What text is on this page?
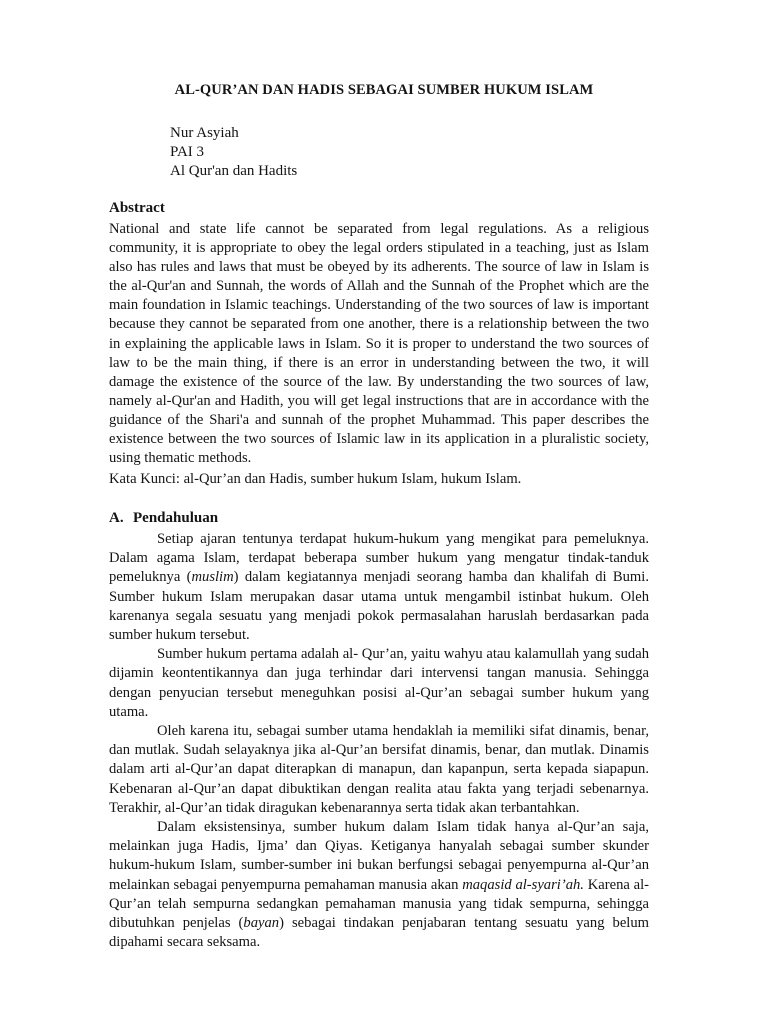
AL-QUR’AN DAN HADIS SEBAGAI SUMBER HUKUM ISLAM
Nur Asyiah
PAI 3
Al Qur'an dan Hadits
Abstract

National and state life cannot be separated from legal regulations. As a religious community, it is appropriate to obey the legal orders stipulated in a teaching, just as Islam also has rules and laws that must be obeyed by its adherents. The source of law in Islam is the al-Qur'an and Sunnah, the words of Allah and the Sunnah of the Prophet which are the main foundation in Islamic teachings. Understanding of the two sources of law is important because they cannot be separated from one another, there is a relationship between the two in explaining the applicable laws in Islam. So it is proper to understand the two sources of law to be the main thing, if there is an error in understanding between the two, it will damage the existence of the source of the law. By understanding the two sources of law, namely al-Qur'an and Hadith, you will get legal instructions that are in accordance with the guidance of the Shari'a and sunnah of the prophet Muhammad. This paper describes the existence between the two sources of Islamic law in its application in a pluralistic society, using thematic methods.

Kata Kunci: al-Qur’an dan Hadis, sumber hukum Islam, hukum Islam.
A. Pendahuluan

Setiap ajaran tentunya terdapat hukum-hukum yang mengikat para pemeluknya. Dalam agama Islam, terdapat beberapa sumber hukum yang mengatur tindak-tanduk pemeluknya (muslim) dalam kegiatannya menjadi seorang hamba dan khalifah di Bumi. Sumber hukum Islam merupakan dasar utama untuk mengambil istinbat hukum. Oleh karenanya segala sesuatu yang menjadi pokok permasalahan haruslah berdasarkan pada sumber hukum tersebut.

Sumber hukum pertama adalah al- Qur’an, yaitu wahyu atau kalamullah yang sudah dijamin keontentikannya dan juga terhindar dari intervensi tangan manusia. Sehingga dengan penyucian tersebut meneguhkan posisi al-Qur’an sebagai sumber hukum yang utama.

Oleh karena itu, sebagai sumber utama hendaklah ia memiliki sifat dinamis, benar, dan mutlak. Sudah selayaknya jika al-Qur’an bersifat dinamis, benar, dan mutlak. Dinamis dalam arti al-Qur’an dapat diterapkan di manapun, dan kapanpun, serta kepada siapapun. Kebenaran al-Qur’an dapat dibuktikan dengan realita atau fakta yang terjadi sebenarnya. Terakhir, al-Qur’an tidak diragukan kebenarannya serta tidak akan terbantahkan.

Dalam eksistensinya, sumber hukum dalam Islam tidak hanya al-Qur’an saja, melainkan juga Hadis, Ijma’ dan Qiyas. Ketiganya hanyalah sebagai sumber skunder hukum-hukum Islam, sumber-sumber ini bukan berfungsi sebagai penyempurna al-Qur’an melainkan sebagai penyempurna pemahaman manusia akan maqasid al-syari’ah. Karena al-Qur’an telah sempurna sedangkan pemahaman manusia yang tidak sempurna, sehingga dibutuhkan penjelas (bayan) sebagai tindakan penjabaran tentang sesuatu yang belum dipahami secara seksama.
